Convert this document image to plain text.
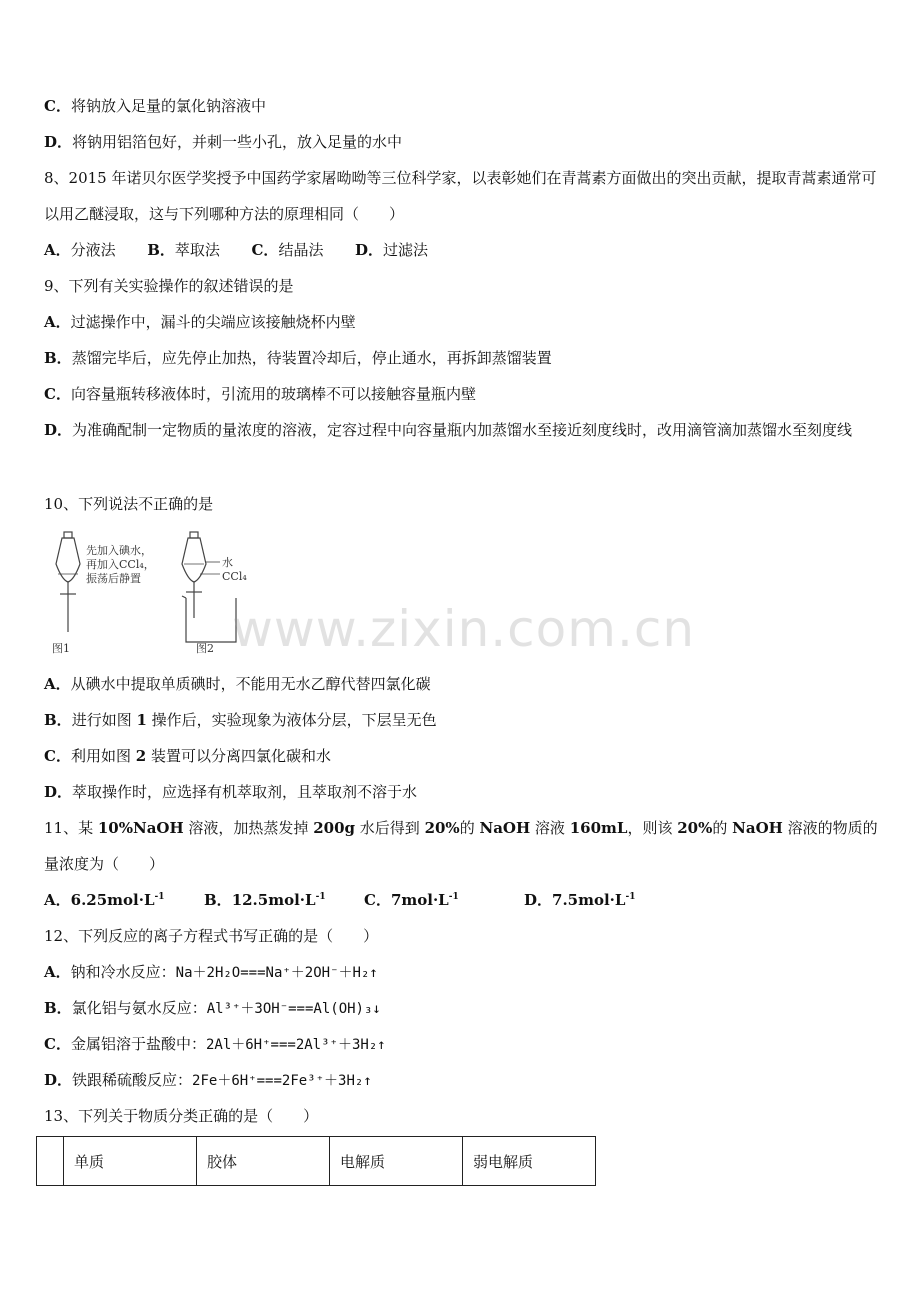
C．将钠放入足量的氯化钠溶液中
D．将钠用铝箔包好，并刺一些小孔，放入足量的水中
8、2015 年诺贝尔医学奖授予中国药学家屠呦呦等三位科学家，以表彰她们在青蒿素方面做出的突出贡献，提取青蒿素通常可以用乙醚浸取，这与下列哪种方法的原理相同（　　）
A．分液法 B．萃取法 C．结晶法 D．过滤法
9、下列有关实验操作的叙述错误的是
A．过滤操作中，漏斗的尖端应该接触烧杯内壁
B．蒸馏完毕后，应先停止加热，待装置冷却后，停止通水，再拆卸蒸馏装置
C．向容量瓶转移液体时，引流用的玻璃棒不可以接触容量瓶内壁
D．为准确配制一定物质的量浓度的溶液，定容过程中向容量瓶内加蒸馏水至接近刻度线时，改用滴管滴加蒸馏水至刻度线
10、下列说法不正确的是
先加入碘水，
再加入CCl₄，
振荡后静置
图1
水
CCl₄
图2 www.zixin.com.cn
A．从碘水中提取单质碘时，不能用无水乙醇代替四氯化碳
B．进行如图 1 操作后，实验现象为液体分层，下层呈无色
C．利用如图 2 装置可以分离四氯化碳和水
D．萃取操作时，应选择有机萃取剂，且萃取剂不溶于水
11、某 10%NaOH 溶液，加热蒸发掉 200g 水后得到 20%的 NaOH 溶液 160mL，则该 20%的 NaOH 溶液的物质的量浓度为（　　）
A．$6.25mol\cdot L^{-1}$	B．$12.5mol\cdot L^{-1}$	C．$7mol\cdot L^{-1}$	D．$7.5mol\cdot L^{-1}$
12、下列反应的离子方程式书写正确的是（　　）
A．钠和冷水反应：Na＋2H₂O===Na⁺＋2OH⁻＋H₂↑
B．氯化铝与氨水反应：Al³⁺＋3OH⁻===Al(OH)₃↓
C．金属铝溶于盐酸中：2Al＋6H⁺===2Al³⁺＋3H₂↑
D．铁跟稀硫酸反应：2Fe＋6H⁺===2Fe³⁺＋3H₂↑
13、下列关于物质分类正确的是（　　）
	单质	胶体	电解质	弱电解质
